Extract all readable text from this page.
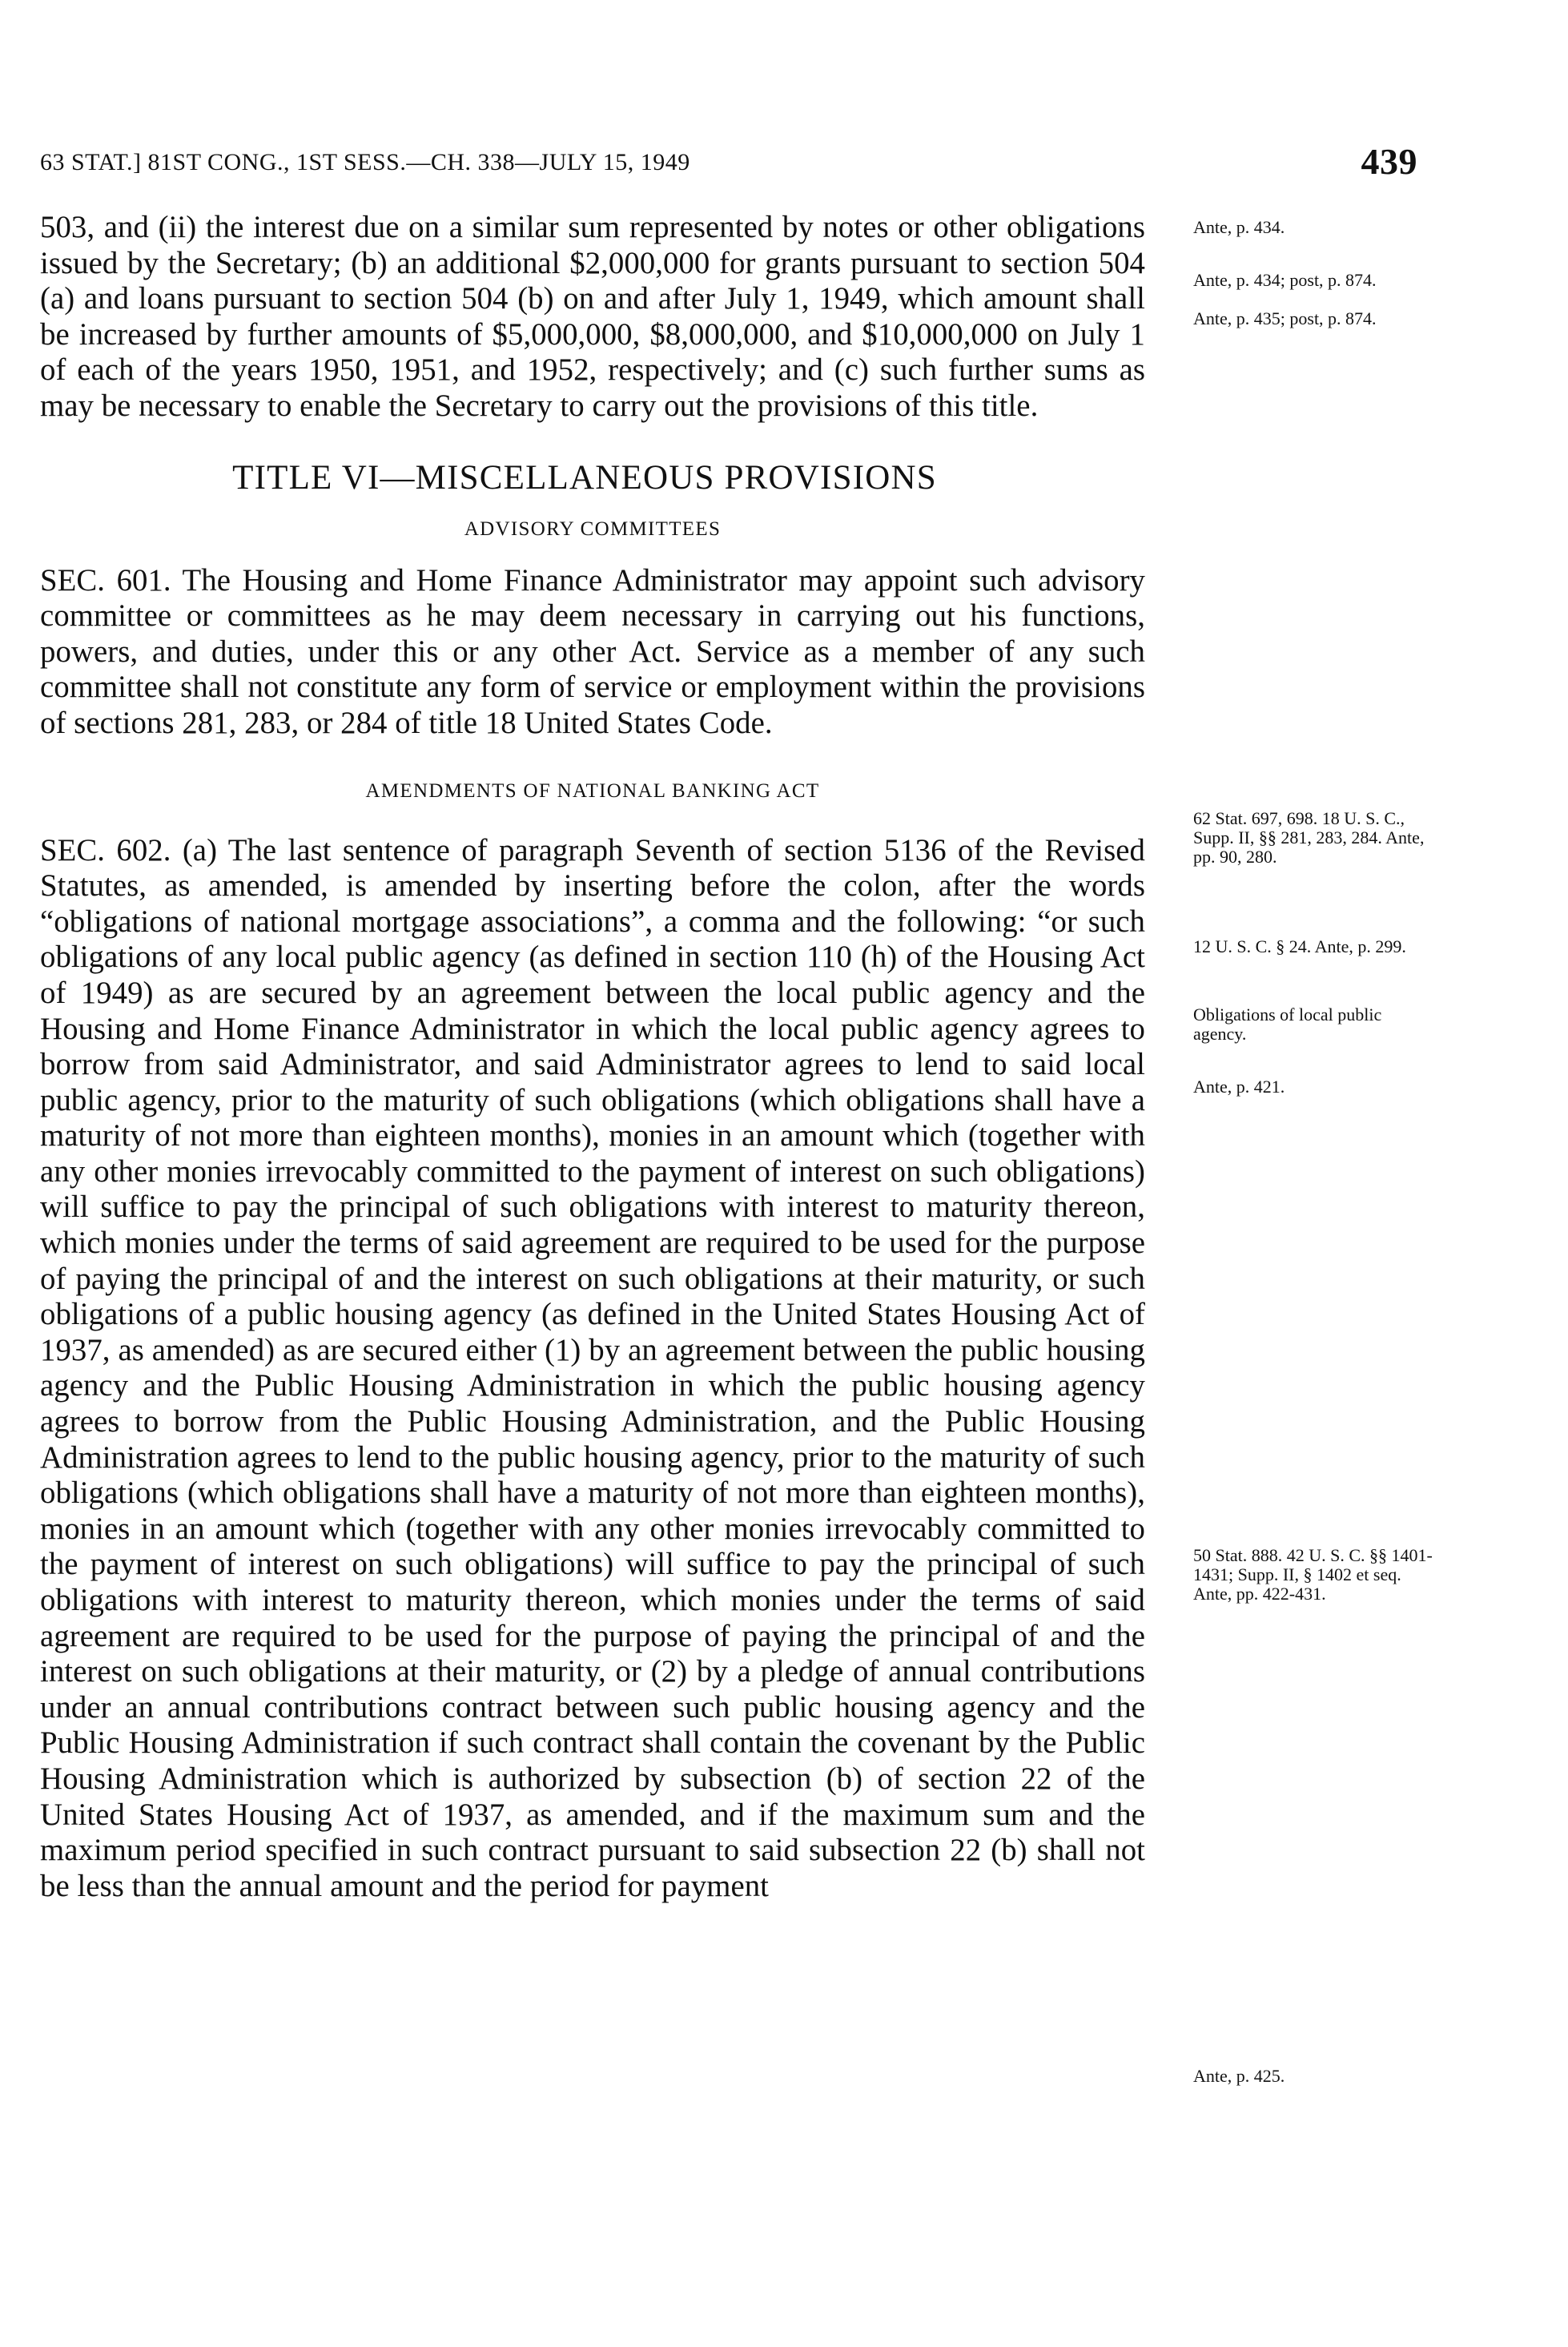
63 STAT.] 81ST CONG., 1ST SESS.—CH. 338—JULY 15, 1949	439

503, and (ii) the interest due on a similar sum represented by notes or other obligations issued by the Secretary; (b) an additional $2,000,000 for grants pursuant to section 504 (a) and loans pursuant to section 504 (b) on and after July 1, 1949, which amount shall be increased by further amounts of $5,000,000, $8,000,000, and $10,000,000 on July 1 of each of the years 1950, 1951, and 1952, respectively; and (c) such further sums as may be necessary to enable the Secretary to carry out the provisions of this title.

TITLE VI—MISCELLANEOUS PROVISIONS
ADVISORY COMMITTEES

SEC. 601. The Housing and Home Finance Administrator may appoint such advisory committee or committees as he may deem necessary in carrying out his functions, powers, and duties, under this or any other Act. Service as a member of any such committee shall not constitute any form of service or employment within the provisions of sections 281, 283, or 284 of title 18 United States Code.

AMENDMENTS OF NATIONAL BANKING ACT

SEC. 602. (a) The last sentence of paragraph Seventh of section 5136 of the Revised Statutes, as amended, is amended by inserting before the colon, after the words “obligations of national mortgage associations”, a comma and the following: “or such obligations of any local public agency (as defined in section 110 (h) of the Housing Act of 1949) as are secured by an agreement between the local public agency and the Housing and Home Finance Administrator in which the local public agency agrees to borrow from said Administrator, and said Administrator agrees to lend to said local public agency, prior to the maturity of such obligations (which obligations shall have a maturity of not more than eighteen months), monies in an amount which (together with any other monies irrevocably committed to the payment of interest on such obligations) will suffice to pay the principal of such obligations with interest to maturity thereon, which monies under the terms of said agreement are required to be used for the purpose of paying the principal of and the interest on such obligations at their maturity, or such obligations of a public housing agency (as defined in the United States Housing Act of 1937, as amended) as are secured either (1) by an agreement between the public housing agency and the Public Housing Administration in which the public housing agency agrees to borrow from the Public Housing Administration, and the Public Housing Administration agrees to lend to the public housing agency, prior to the maturity of such obligations (which obligations shall have a maturity of not more than eighteen months), monies in an amount which (together with any other monies irrevocably committed to the payment of interest on such obligations) will suffice to pay the principal of such obligations with interest to maturity thereon, which monies under the terms of said agreement are required to be used for the purpose of paying the principal of and the interest on such obligations at their maturity, or (2) by a pledge of annual contributions under an annual contributions contract between such public housing agency and the Public Housing Administration if such contract shall contain the covenant by the Public Housing Administration which is authorized by subsection (b) of section 22 of the United States Housing Act of 1937, as amended, and if the maximum sum and the maximum period specified in such contract pursuant to said subsection 22 (b) shall not be less than the annual amount and the period for payment

Ante, p. 434.
Ante, p. 434; post, p. 874.
Ante, p. 435; post, p. 874.
62 Stat. 697, 698. 18 U. S. C., Supp. II, §§ 281, 283, 284. Ante, pp. 90, 280.
12 U. S. C. § 24. Ante, p. 299.
Obligations of local public agency.
Ante, p. 421.
50 Stat. 888. 42 U. S. C. §§ 1401-1431; Supp. II, § 1402 et seq. Ante, pp. 422-431.
Ante, p. 425.
